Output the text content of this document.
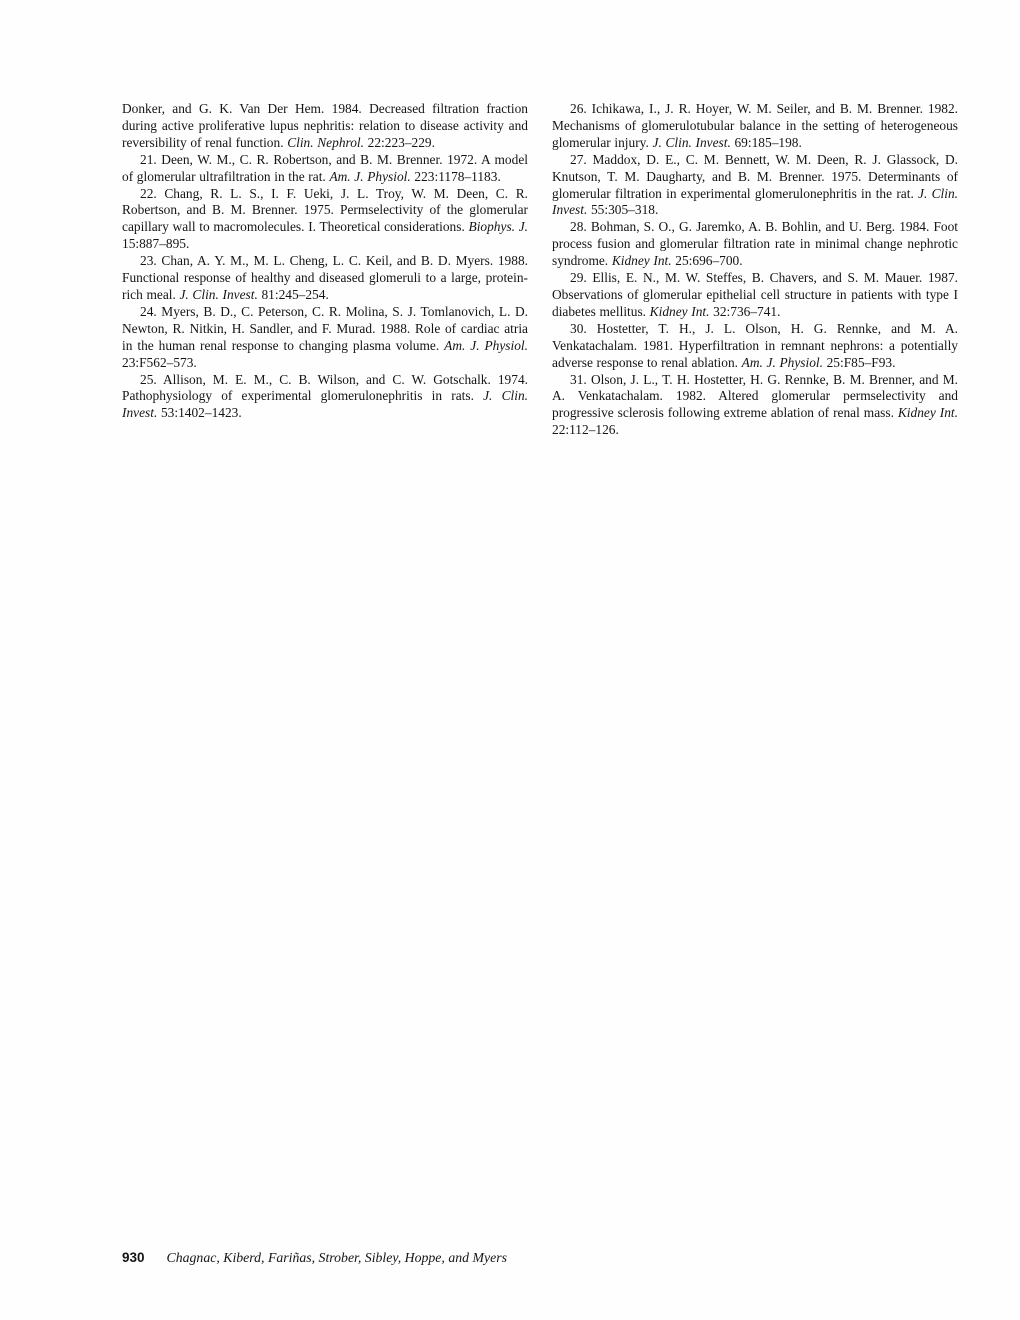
Donker, and G. K. Van Der Hem. 1984. Decreased filtration fraction during active proliferative lupus nephritis: relation to disease activity and reversibility of renal function. Clin. Nephrol. 22:223–229.

21. Deen, W. M., C. R. Robertson, and B. M. Brenner. 1972. A model of glomerular ultrafiltration in the rat. Am. J. Physiol. 223:1178–1183.

22. Chang, R. L. S., I. F. Ueki, J. L. Troy, W. M. Deen, C. R. Robertson, and B. M. Brenner. 1975. Permselectivity of the glomerular capillary wall to macromolecules. I. Theoretical considerations. Biophys. J. 15:887–895.

23. Chan, A. Y. M., M. L. Cheng, L. C. Keil, and B. D. Myers. 1988. Functional response of healthy and diseased glomeruli to a large, protein-rich meal. J. Clin. Invest. 81:245–254.

24. Myers, B. D., C. Peterson, C. R. Molina, S. J. Tomlanovich, L. D. Newton, R. Nitkin, H. Sandler, and F. Murad. 1988. Role of cardiac atria in the human renal response to changing plasma volume. Am. J. Physiol. 23:F562–573.

25. Allison, M. E. M., C. B. Wilson, and C. W. Gotschalk. 1974. Pathophysiology of experimental glomerulonephritis in rats. J. Clin. Invest. 53:1402–1423.

26. Ichikawa, I., J. R. Hoyer, W. M. Seiler, and B. M. Brenner. 1982. Mechanisms of glomerulotubular balance in the setting of heterogeneous glomerular injury. J. Clin. Invest. 69:185–198.

27. Maddox, D. E., C. M. Bennett, W. M. Deen, R. J. Glassock, D. Knutson, T. M. Daugharty, and B. M. Brenner. 1975. Determinants of glomerular filtration in experimental glomerulonephritis in the rat. J. Clin. Invest. 55:305–318.

28. Bohman, S. O., G. Jaremko, A. B. Bohlin, and U. Berg. 1984. Foot process fusion and glomerular filtration rate in minimal change nephrotic syndrome. Kidney Int. 25:696–700.

29. Ellis, E. N., M. W. Steffes, B. Chavers, and S. M. Mauer. 1987. Observations of glomerular epithelial cell structure in patients with type I diabetes mellitus. Kidney Int. 32:736–741.

30. Hostetter, T. H., J. L. Olson, H. G. Rennke, and M. A. Venkatachalam. 1981. Hyperfiltration in remnant nephrons: a potentially adverse response to renal ablation. Am. J. Physiol. 25:F85–F93.

31. Olson, J. L., T. H. Hostetter, H. G. Rennke, B. M. Brenner, and M. A. Venkatachalam. 1982. Altered glomerular permselectivity and progressive sclerosis following extreme ablation of renal mass. Kidney Int. 22:112–126.

930 Chagnac, Kiberd, Fariñas, Strober, Sibley, Hoppe, and Myers
